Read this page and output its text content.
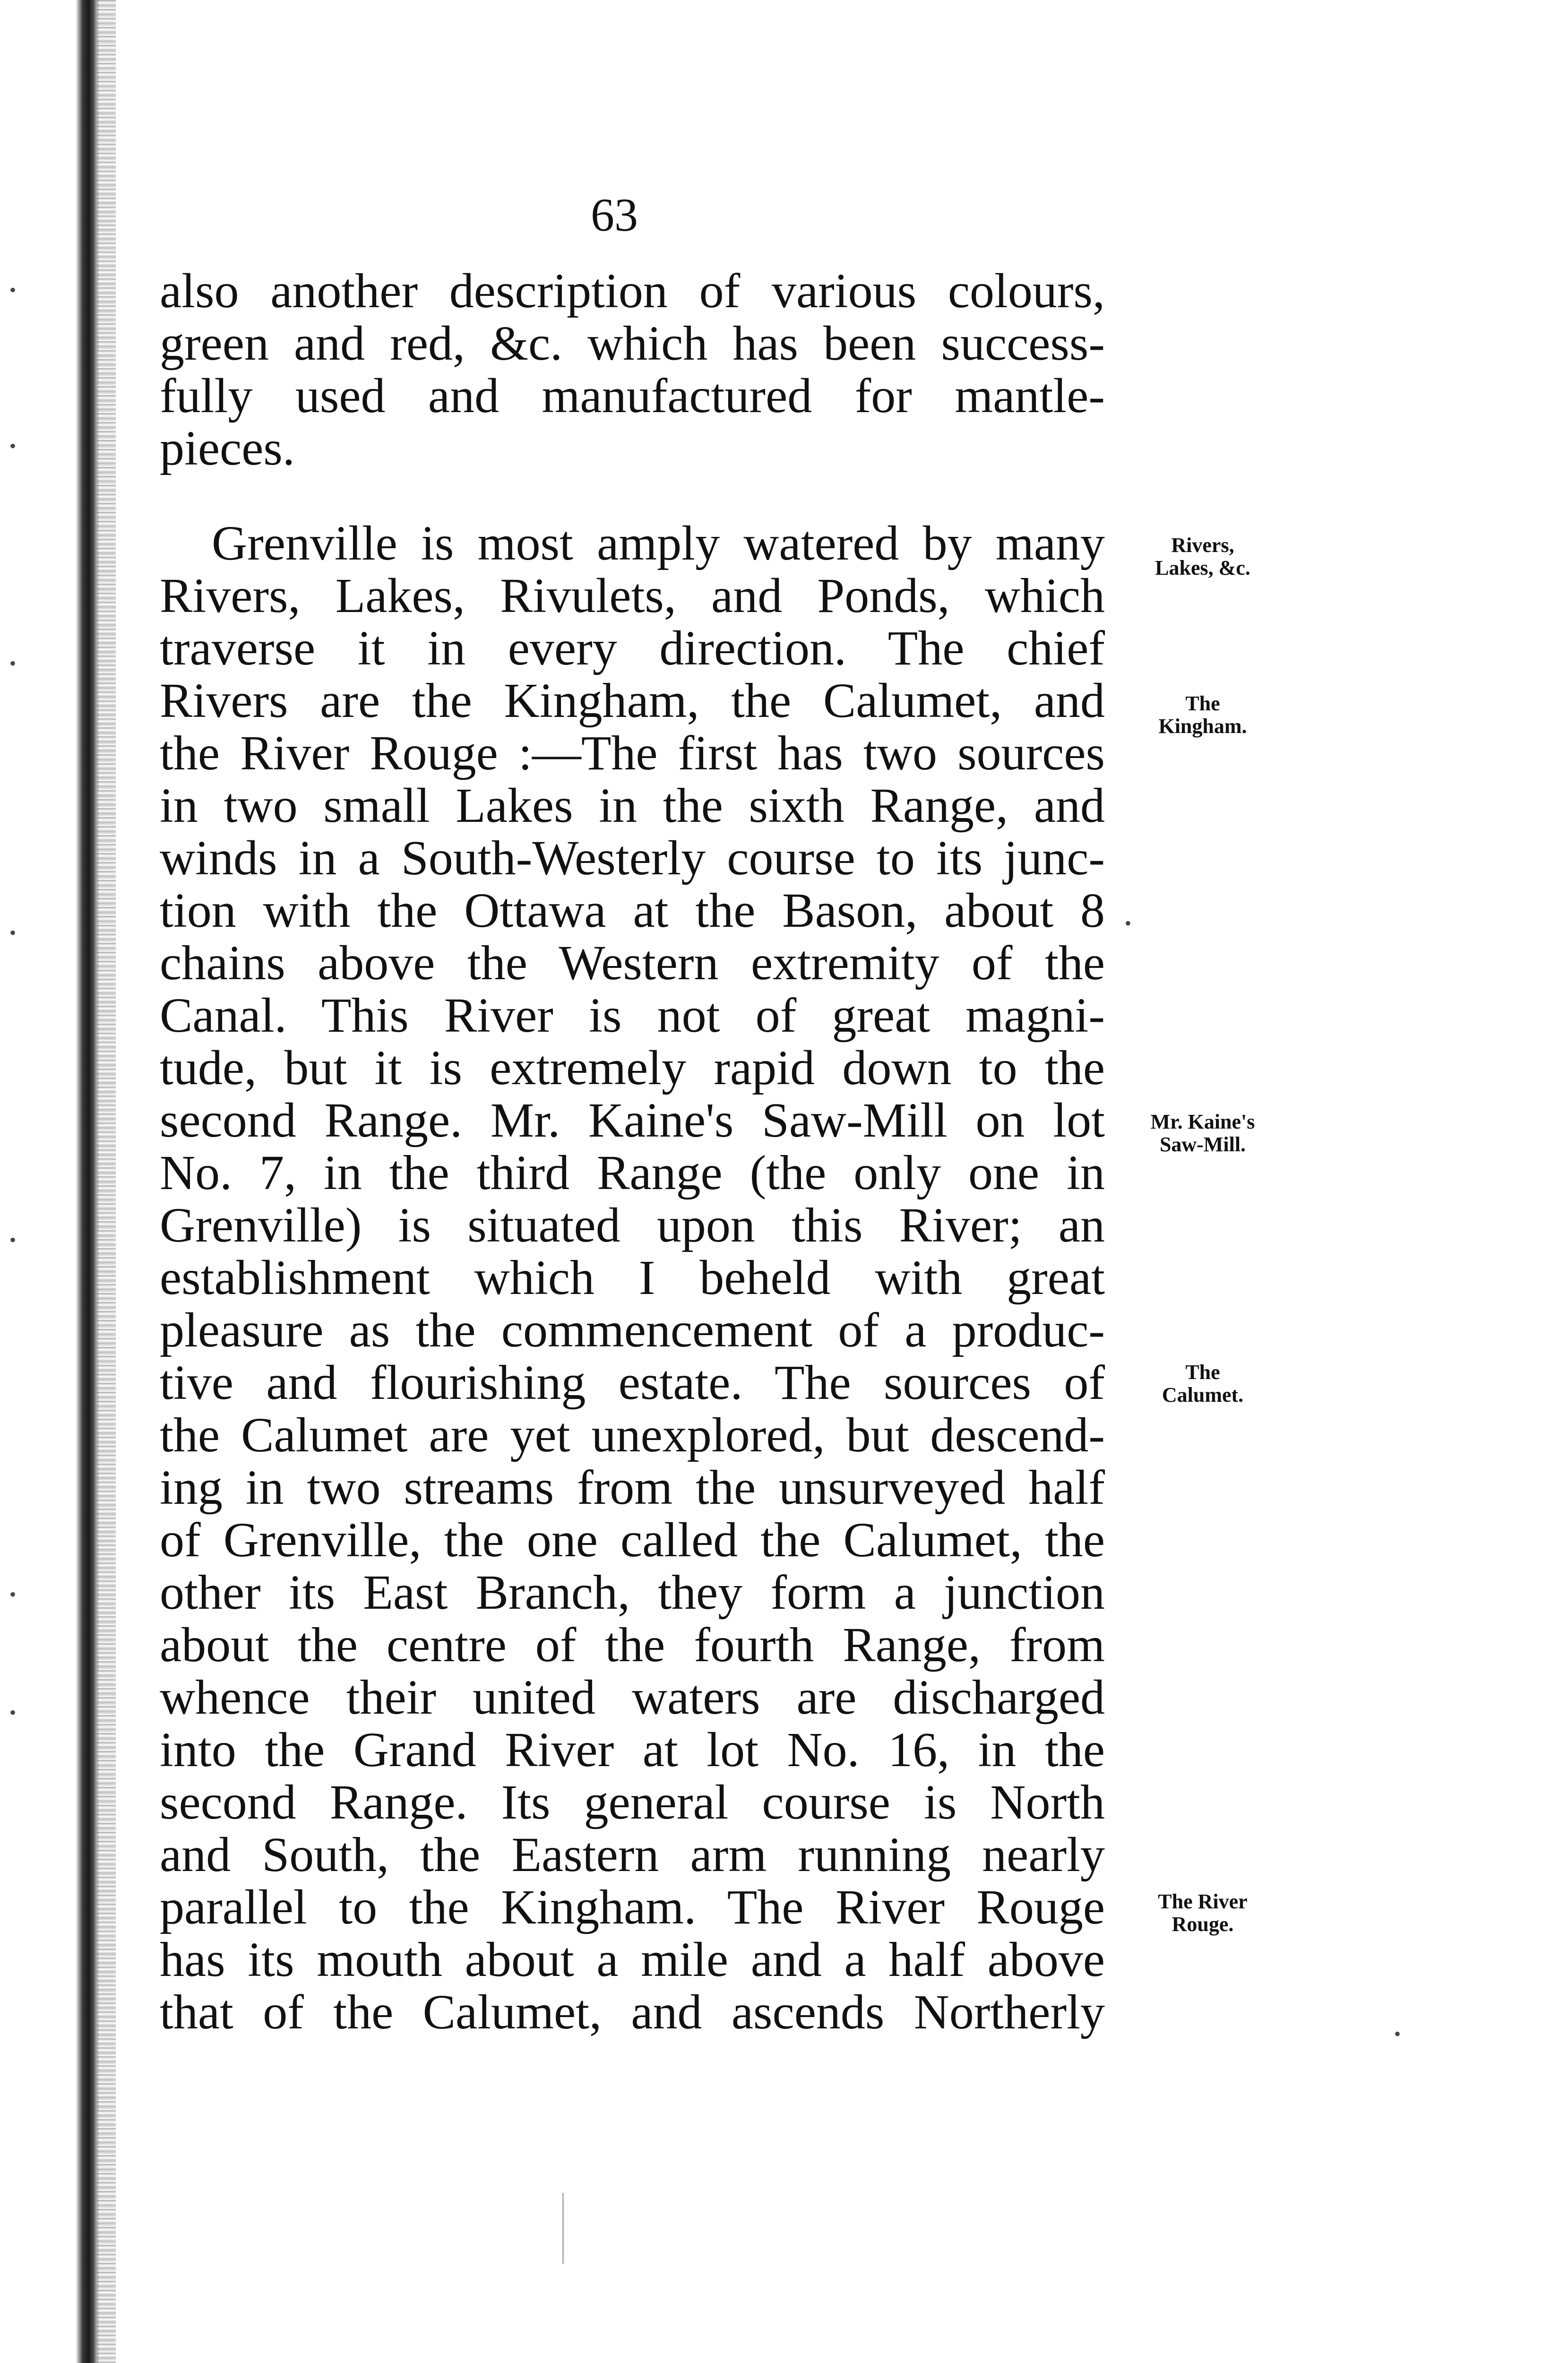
63
also another description of various colours,
green and red, &c. which has been success-
fully used and manufactured for mantle-
pieces.
Grenville is most amply watered by many
Rivers, Lakes, Rivulets, and Ponds, which
traverse it in every direction. The chief
Rivers are the Kingham, the Calumet, and
the River Rouge :—The first has two sources
in two small Lakes in the sixth Range, and
winds in a South-Westerly course to its junc-
tion with the Ottawa at the Bason, about 8
chains above the Western extremity of the
Canal. This River is not of great magni-
tude, but it is extremely rapid down to the
second Range. Mr. Kaine's Saw-Mill on lot
No. 7, in the third Range (the only one in
Grenville) is situated upon this River; an
establishment which I beheld with great
pleasure as the commencement of a produc-
tive and flourishing estate. The sources of
the Calumet are yet unexplored, but descend-
ing in two streams from the unsurveyed half
of Grenville, the one called the Calumet, the
other its East Branch, they form a junction
about the centre of the fourth Range, from
whence their united waters are discharged
into the Grand River at lot No. 16, in the
second Range. Its general course is North
and South, the Eastern arm running nearly
parallel to the Kingham. The River Rouge
has its mouth about a mile and a half above
that of the Calumet, and ascends Northerly
Rivers,
Lakes, &c.
The
Kingham.
Mr. Kaine's
Saw-Mill.
The
Calumet.
The River
Rouge.
•
•
•
•
•
•
•
•
•
